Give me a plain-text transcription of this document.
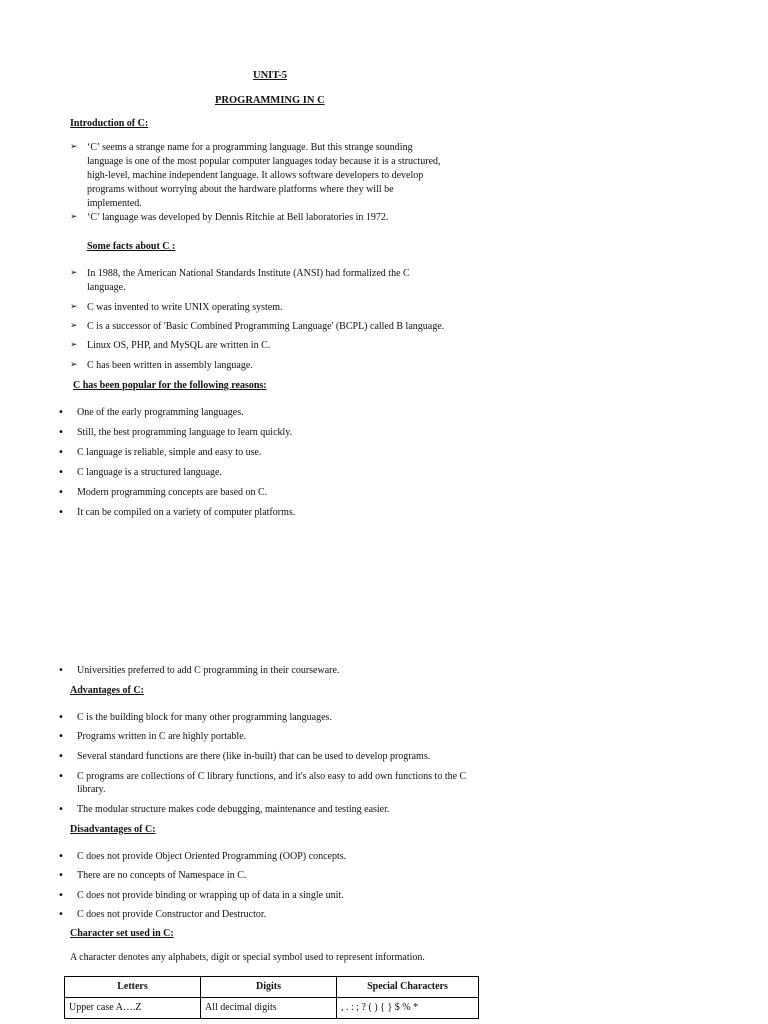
UNIT-5
PROGRAMMING IN C
Introduction of C:
➢ ‘C’ seems a strange name for a programming language. But this strange sounding
language is one of the most popular computer languages today because it is a structured,
high-level, machine independent language. It allows software developers to develop
programs without worrying about the hardware platforms where they will be
implemented.
➢ ‘C’ language was developed by Dennis Ritchie at Bell laboratories in 1972.
Some facts about C :
➢ In 1988, the American National Standards Institute (ANSI) had formalized the C
language.
➢ C was invented to write UNIX operating system.
➢ C is a successor of 'Basic Combined Programming Language' (BCPL) called B language.
➢ Linux OS, PHP, and MySQL are written in C.
➢ C has been written in assembly language.
C has been popular for the following reasons:
• One of the early programming languages.
• Still, the best programming language to learn quickly.
• C language is reliable, simple and easy to use.
• C language is a structured language.
• Modern programming concepts are based on C.
• It can be compiled on a variety of computer platforms.
• Universities preferred to add C programming in their courseware.
Advantages of C:
• C is the building block for many other programming languages.
• Programs written in C are highly portable.
• Several standard functions are there (like in-built) that can be used to develop programs.
• C programs are collections of C library functions, and it's also easy to add own functions to the C library.
• The modular structure makes code debugging, maintenance and testing easier.
Disadvantages of C:
• C does not provide Object Oriented Programming (OOP) concepts.
• There are no concepts of Namespace in C.
• C does not provide binding or wrapping up of data in a single unit.
• C does not provide Constructor and Destructor.
Character set used in C:
A character denotes any alphabets, digit or special symbol used to represent information.
Letters	Digits	Special Characters
Upper case A….Z	All decimal digits	, . : ; ? ( ) { } $ % *
